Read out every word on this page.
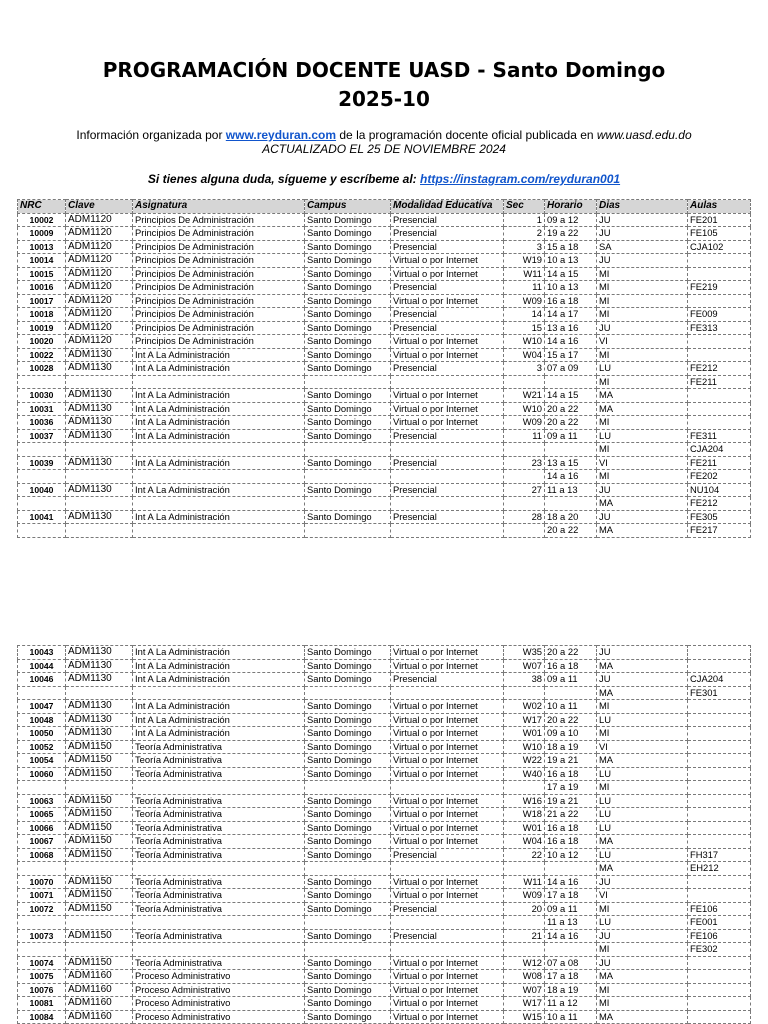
PROGRAMACIÓN DOCENTE UASD - Santo Domingo
2025-10
Información organizada por www.reyduran.com de la programación docente oficial publicada en www.uasd.edu.do
ACTUALIZADO EL 25 DE NOVIEMBRE 2024
Si tienes alguna duda, sígueme y escríbeme al: https://instagram.com/reyduran001
NRC	Clave	Asignatura	Campus	Modalidad Educativa	Sec	Horario	Dias	Aulas
10002	ADM1120	Principios De Administración	Santo Domingo	Presencial	1	09 a 12	JU	FE201
10009	ADM1120	Principios De Administración	Santo Domingo	Presencial	2	19 a 22	JU	FE105
10013	ADM1120	Principios De Administración	Santo Domingo	Presencial	3	15 a 18	SA	CJA102
10014	ADM1120	Principios De Administración	Santo Domingo	Virtual o por Internet	W19	10 a 13	JU	
10015	ADM1120	Principios De Administración	Santo Domingo	Virtual o por Internet	W11	14 a 15	MI	
10016	ADM1120	Principios De Administración	Santo Domingo	Presencial	11	10 a 13	MI	FE219
10017	ADM1120	Principios De Administración	Santo Domingo	Virtual o por Internet	W09	16 a 18	MI	
10018	ADM1120	Principios De Administración	Santo Domingo	Presencial	14	14 a 17	MI	FE009
10019	ADM1120	Principios De Administración	Santo Domingo	Presencial	15	13 a 16	JU	FE313
10020	ADM1120	Principios De Administración	Santo Domingo	Virtual o por Internet	W10	14 a 16	VI	
10022	ADM1130	Int A La Administración	Santo Domingo	Virtual o por Internet	W04	15 a 17	MI	
10028	ADM1130	Int A La Administración	Santo Domingo	Presencial	3	07 a 09	LU	FE212
							MI	FE211
10030	ADM1130	Int A La Administración	Santo Domingo	Virtual o por Internet	W21	14 a 15	MA	
10031	ADM1130	Int A La Administración	Santo Domingo	Virtual o por Internet	W10	20 a 22	MA	
10036	ADM1130	Int A La Administración	Santo Domingo	Virtual o por Internet	W09	20 a 22	MI	
10037	ADM1130	Int A La Administración	Santo Domingo	Presencial	11	09 a 11	LU	FE311
							MI	CJA204
10039	ADM1130	Int A La Administración	Santo Domingo	Presencial	23	13 a 15	VI	FE211
						14 a 16	MI	FE202
10040	ADM1130	Int A La Administración	Santo Domingo	Presencial	27	11 a 13	JU	NU104
							MA	FE212
10041	ADM1130	Int A La Administración	Santo Domingo	Presencial	28	18 a 20	JU	FE305
						20 a 22	MA	FE217
10043	ADM1130	Int A La Administración	Santo Domingo	Virtual o por Internet	W35	20 a 22	JU	
10044	ADM1130	Int A La Administración	Santo Domingo	Virtual o por Internet	W07	16 a 18	MA	
10046	ADM1130	Int A La Administración	Santo Domingo	Presencial	38	09 a 11	JU	CJA204
							MA	FE301
10047	ADM1130	Int A La Administración	Santo Domingo	Virtual o por Internet	W02	10 a 11	MI	
10048	ADM1130	Int A La Administración	Santo Domingo	Virtual o por Internet	W17	20 a 22	LU	
10050	ADM1130	Int A La Administración	Santo Domingo	Virtual o por Internet	W01	09 a 10	MI	
10052	ADM1150	Teoría Administrativa	Santo Domingo	Virtual o por Internet	W10	18 a 19	VI	
10054	ADM1150	Teoría Administrativa	Santo Domingo	Virtual o por Internet	W22	19 a 21	MA	
10060	ADM1150	Teoría Administrativa	Santo Domingo	Virtual o por Internet	W40	16 a 18	LU	
						17 a 19	MI	
10063	ADM1150	Teoría Administrativa	Santo Domingo	Virtual o por Internet	W16	19 a 21	LU	
10065	ADM1150	Teoría Administrativa	Santo Domingo	Virtual o por Internet	W18	21 a 22	LU	
10066	ADM1150	Teoría Administrativa	Santo Domingo	Virtual o por Internet	W01	16 a 18	LU	
10067	ADM1150	Teoría Administrativa	Santo Domingo	Virtual o por Internet	W04	16 a 18	MA	
10068	ADM1150	Teoría Administrativa	Santo Domingo	Presencial	22	10 a 12	LU	FH317
							MA	EH212
10070	ADM1150	Teoría Administrativa	Santo Domingo	Virtual o por Internet	W11	14 a 16	JU	
10071	ADM1150	Teoría Administrativa	Santo Domingo	Virtual o por Internet	W09	17 a 18	VI	
10072	ADM1150	Teoría Administrativa	Santo Domingo	Presencial	20	09 a 11	MI	FE106
						11 a 13	LU	FE001
10073	ADM1150	Teoría Administrativa	Santo Domingo	Presencial	21	14 a 16	JU	FE106
							MI	FE302
10074	ADM1150	Teoría Administrativa	Santo Domingo	Virtual o por Internet	W12	07 a 08	JU	
10075	ADM1160	Proceso Administrativo	Santo Domingo	Virtual o por Internet	W08	17 a 18	MA	
10076	ADM1160	Proceso Administrativo	Santo Domingo	Virtual o por Internet	W07	18 a 19	MI	
10081	ADM1160	Proceso Administrativo	Santo Domingo	Virtual o por Internet	W17	11 a 12	MI	
10084	ADM1160	Proceso Administrativo	Santo Domingo	Virtual o por Internet	W15	10 a 11	MA	
